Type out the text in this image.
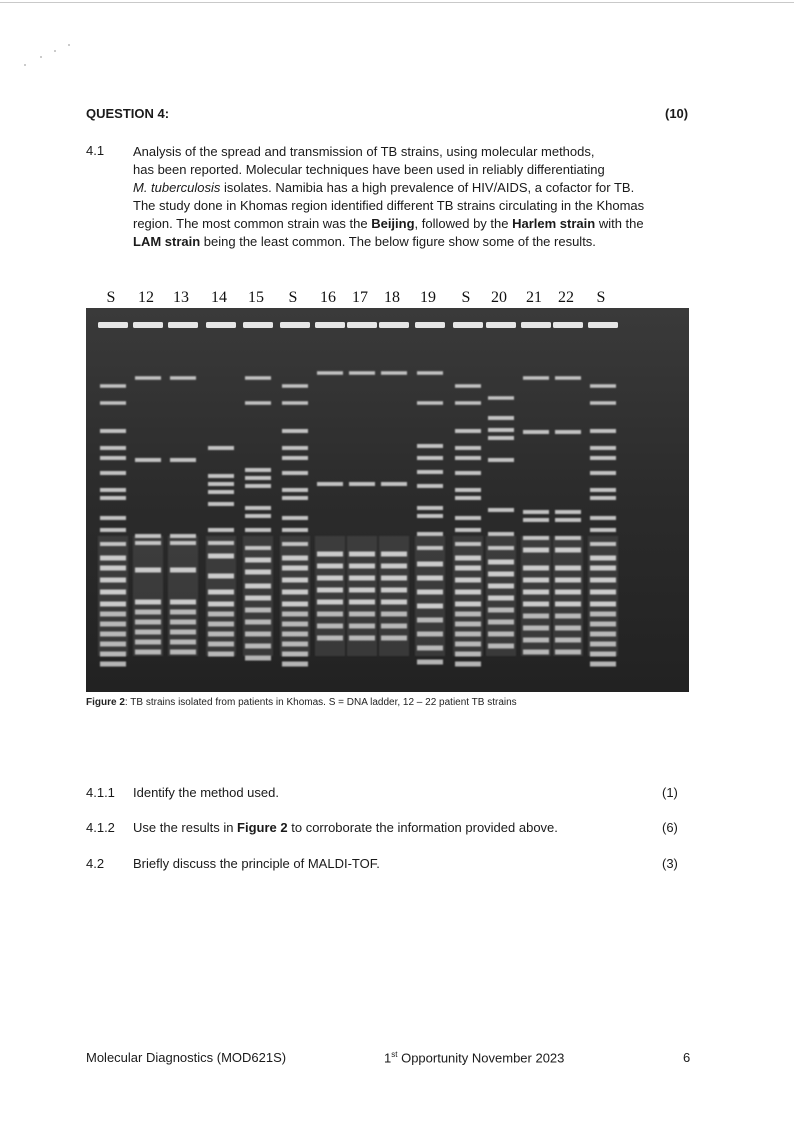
QUESTION 4:	(10)
4.1 Analysis of the spread and transmission of TB strains, using molecular methods,

has been reported. Molecular techniques have been used in reliably differentiating

M. tuberculosis isolates. Namibia has a high prevalence of HIV/AIDS, a cofactor for TB.

The study done in Khomas region identified different TB strains circulating in the Khomas

region. The most common strain was the Beijing, followed by the Harlem strain with the

LAM strain being the least common. The below figure show some of the results.

S 12 13 14 15 S 16 17 18 19 S 20 21 22 S
Figure 2: TB strains isolated from patients in Khomas. S = DNA ladder, 12 – 22 patient TB strains
4.1.1 Identify the method used.	(1)
4.1.2 Use the results in Figure 2 to corroborate the information provided above.	(6)
4.2 Briefly discuss the principle of MALDI-TOF.	(3)
Molecular Diagnostics (MOD621S)	1st Opportunity November 2023	6
